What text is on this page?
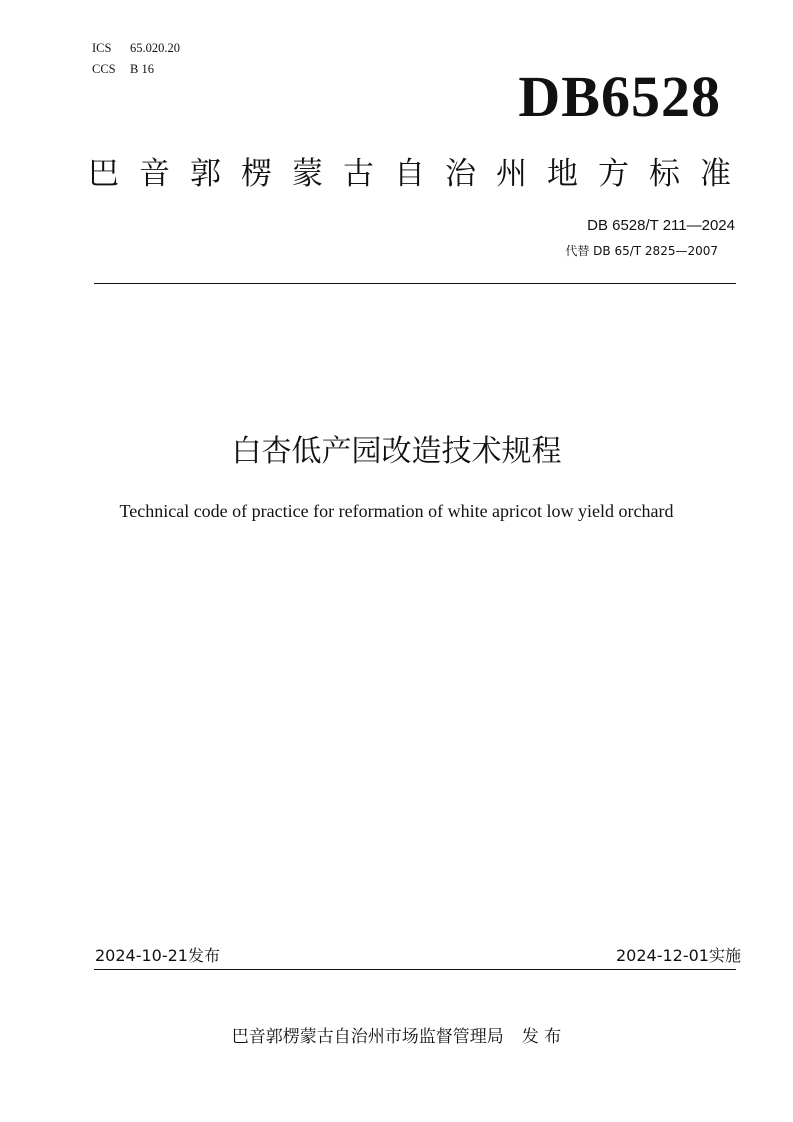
ICS	65.020.20
CCS B 16	DB6528
巴音郭楞蒙古自治州地方标准
DB 6528/T 211—2024
代替 DB 65/T 2825—2007
白杏低产园改造技术规程
Technical code of practice for reformation of white apricot low yield orchard
2024-10-21发布	2024-12-01实施
巴音郭楞蒙古自治州市场监督管理局 发 布
